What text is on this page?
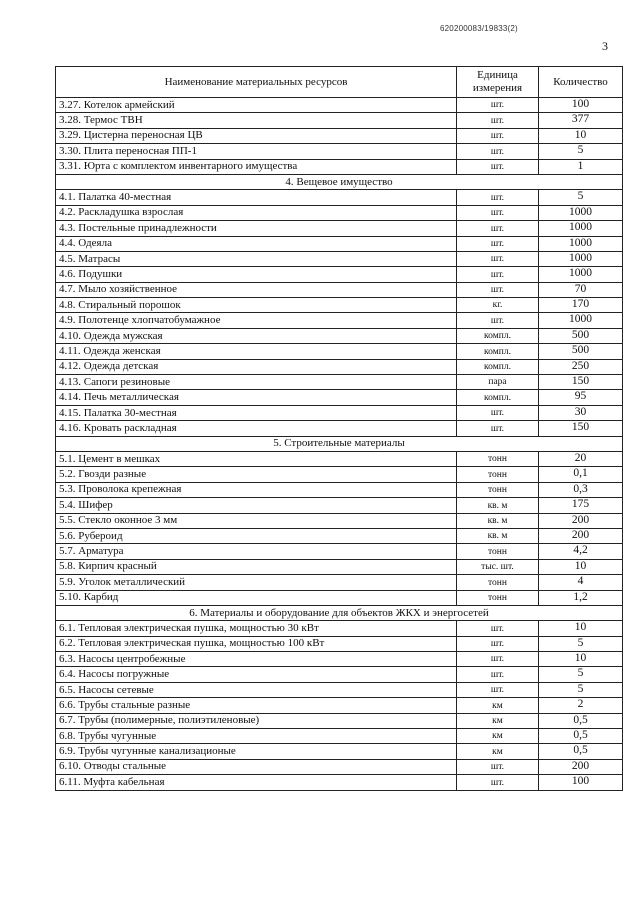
620200083/19833(2)
3
Наименование материальных ресурсов	Единица измерения	Количество
3.27. Котелок армейский	шт.	100
3.28. Термос ТВН	шт.	377
3.29. Цистерна переносная ЦВ	шт.	10
3.30. Плита переносная ПП-1	шт.	5
3.31. Юрта с комплектом инвентарного имущества	шт.	1
4. Вещевое имущество		
4.1. Палатка 40-местная	шт.	5
4.2. Раскладушка взрослая	шт.	1000
4.3. Постельные принадлежности	шт.	1000
4.4. Одеяла	шт.	1000
4.5. Матрасы	шт.	1000
4.6. Подушки	шт.	1000
4.7. Мыло хозяйственное	шт.	70
4.8. Стиральный порошок	кг.	170
4.9. Полотенце хлопчатобумажное	шт.	1000
4.10. Одежда мужская	компл.	500
4.11. Одежда женская	компл.	500
4.12. Одежда детская	компл.	250
4.13. Сапоги резиновые	пара	150
4.14. Печь металлическая	компл.	95
4.15. Палатка 30-местная	шт.	30
4.16. Кровать раскладная	шт.	150
5. Строительные материалы		
5.1. Цемент в мешках	тонн	20
5.2. Гвозди разные	тонн	0,1
5.3. Проволока крепежная	тонн	0,3
5.4. Шифер	кв. м	175
5.5. Стекло оконное 3 мм	кв. м	200
5.6. Рубероид	кв. м	200
5.7. Арматура	тонн	4,2
5.8. Кирпич красный	тыс. шт.	10
5.9. Уголок металлический	тонн	4
5.10. Карбид	тонн	1,2
6. Материалы и оборудование для объектов ЖКХ и энергосетей		
6.1. Тепловая электрическая пушка, мощностью 30 кВт	шт.	10
6.2. Тепловая электрическая пушка, мощностью 100 кВт	шт.	5
6.3. Насосы центробежные	шт.	10
6.4. Насосы погружные	шт.	5
6.5. Насосы сетевые	шт.	5
6.6. Трубы стальные разные	км	2
6.7. Трубы (полимерные, полиэтиленовые)	км	0,5
6.8. Трубы чугунные	км	0,5
6.9. Трубы чугунные канализационые	км	0,5
6.10. Отводы стальные	шт.	200
6.11. Муфта кабельная	шт.	100
